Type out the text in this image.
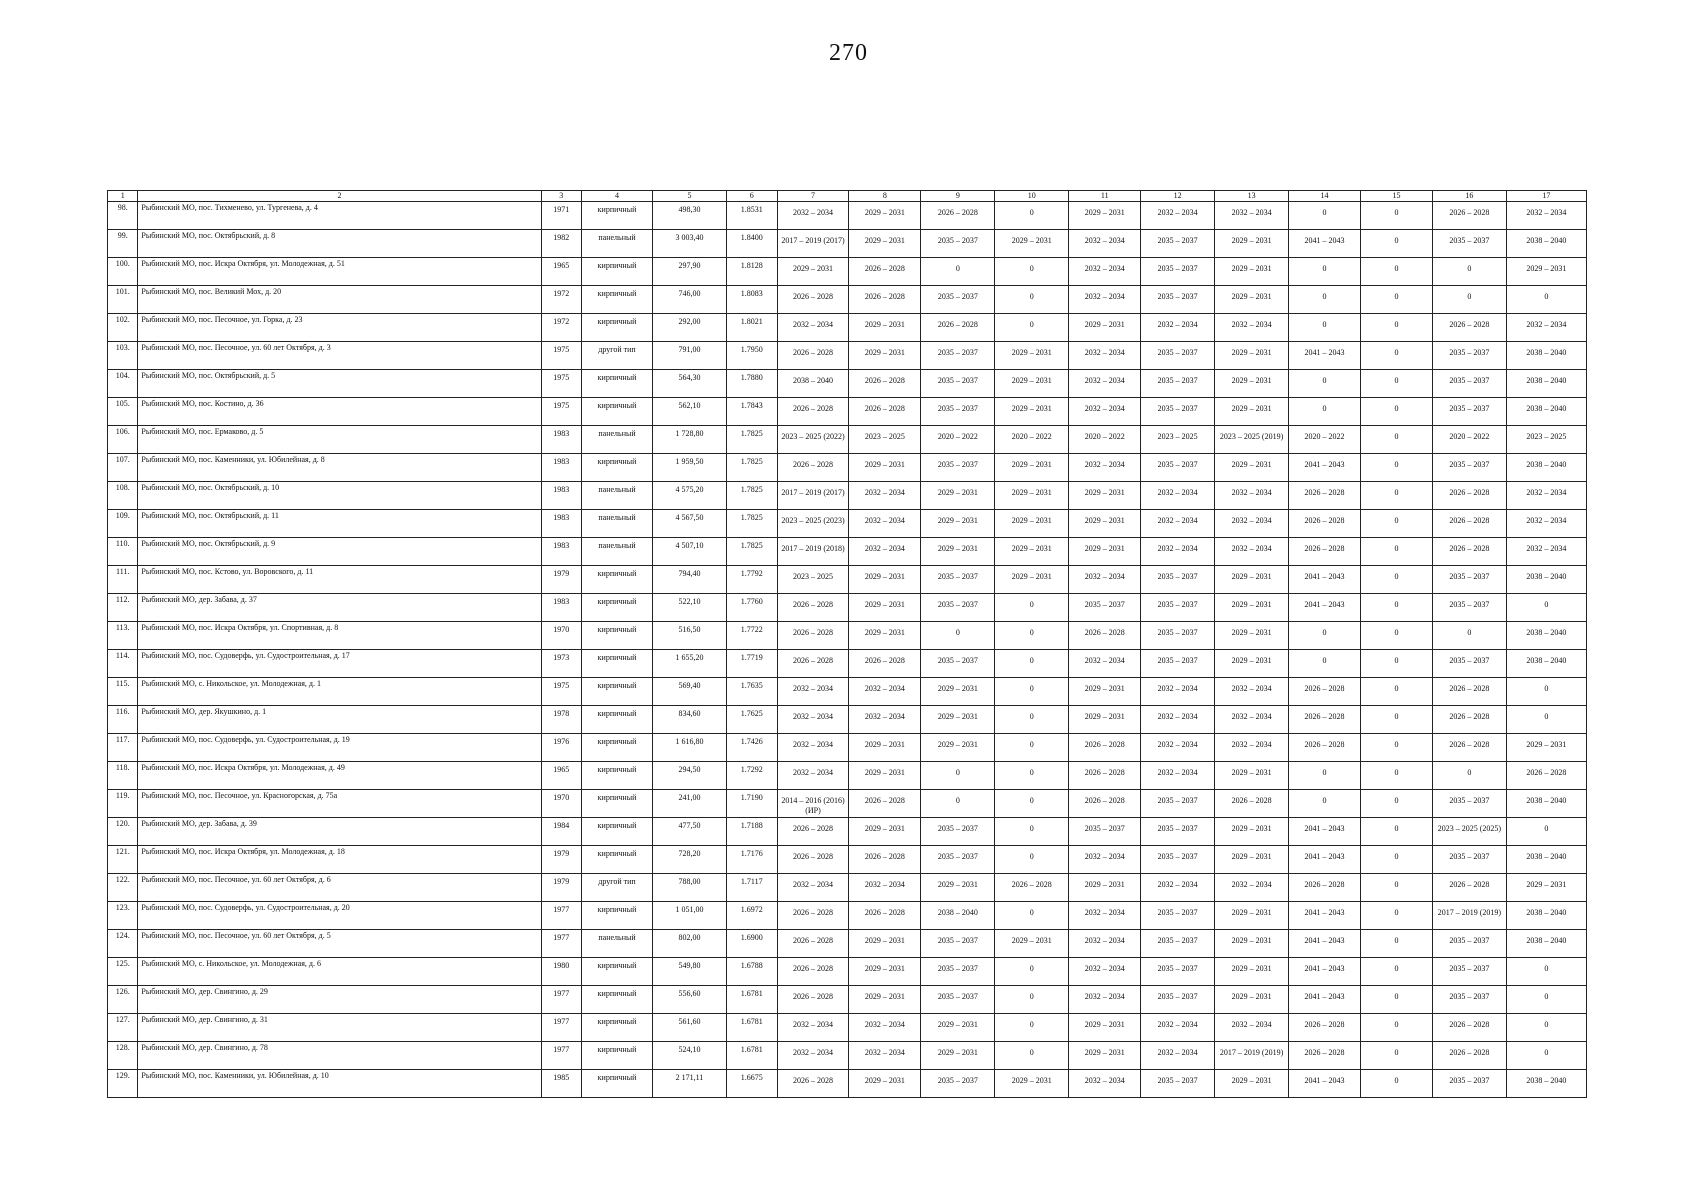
270
1	2	3	4	5	6	7	8	9	10	11	12	13	14	15	16	17
98.	Рыбинский МО, пос. Тихменево, ул. Тургенева, д. 4	1971	кирпичный	498,30	1.8531	2032 – 2034	2029 – 2031	2026 – 2028	0	2029 – 2031	2032 – 2034	2032 – 2034	0	0	2026 – 2028	2032 – 2034
99.	Рыбинский МО, пос. Октябрьский, д. 8	1982	панельный	3 003,40	1.8400	2017 – 2019 (2017)	2029 – 2031	2035 – 2037	2029 – 2031	2032 – 2034	2035 – 2037	2029 – 2031	2041 – 2043	0	2035 – 2037	2038 – 2040
100.	Рыбинский МО, пос. Искра Октября, ул. Молодежная, д. 51	1965	кирпичный	297,90	1.8128	2029 – 2031	2026 – 2028	0	0	2032 – 2034	2035 – 2037	2029 – 2031	0	0	0	2029 – 2031
101.	Рыбинский МО, пос. Великий Мох, д. 20	1972	кирпичный	746,00	1.8083	2026 – 2028	2026 – 2028	2035 – 2037	0	2032 – 2034	2035 – 2037	2029 – 2031	0	0	0	0
102.	Рыбинский МО, пос. Песочное, ул. Горка, д. 23	1972	кирпичный	292,00	1.8021	2032 – 2034	2029 – 2031	2026 – 2028	0	2029 – 2031	2032 – 2034	2032 – 2034	0	0	2026 – 2028	2032 – 2034
103.	Рыбинский МО, пос. Песочное, ул. 60 лет Октября, д. 3	1975	другой тип	791,00	1.7950	2026 – 2028	2029 – 2031	2035 – 2037	2029 – 2031	2032 – 2034	2035 – 2037	2029 – 2031	2041 – 2043	0	2035 – 2037	2038 – 2040
104.	Рыбинский МО, пос. Октябрьский, д. 5	1975	кирпичный	564,30	1.7880	2038 – 2040	2026 – 2028	2035 – 2037	2029 – 2031	2032 – 2034	2035 – 2037	2029 – 2031	0	0	2035 – 2037	2038 – 2040
105.	Рыбинский МО, пос. Костино, д. 36	1975	кирпичный	562,10	1.7843	2026 – 2028	2026 – 2028	2035 – 2037	2029 – 2031	2032 – 2034	2035 – 2037	2029 – 2031	0	0	2035 – 2037	2038 – 2040
106.	Рыбинский МО, пос. Ермаково, д. 5	1983	панельный	1 728,80	1.7825	2023 – 2025 (2022)	2023 – 2025	2020 – 2022	2020 – 2022	2020 – 2022	2023 – 2025	2023 – 2025 (2019)	2020 – 2022	0	2020 – 2022	2023 – 2025
107.	Рыбинский МО, пос. Каменники, ул. Юбилейная, д. 8	1983	кирпичный	1 959,50	1.7825	2026 – 2028	2029 – 2031	2035 – 2037	2029 – 2031	2032 – 2034	2035 – 2037	2029 – 2031	2041 – 2043	0	2035 – 2037	2038 – 2040
108.	Рыбинский МО, пос. Октябрьский, д. 10	1983	панельный	4 575,20	1.7825	2017 – 2019 (2017)	2032 – 2034	2029 – 2031	2029 – 2031	2029 – 2031	2032 – 2034	2032 – 2034	2026 – 2028	0	2026 – 2028	2032 – 2034
109.	Рыбинский МО, пос. Октябрьский, д. 11	1983	панельный	4 567,50	1.7825	2023 – 2025 (2023)	2032 – 2034	2029 – 2031	2029 – 2031	2029 – 2031	2032 – 2034	2032 – 2034	2026 – 2028	0	2026 – 2028	2032 – 2034
110.	Рыбинский МО, пос. Октябрьский, д. 9	1983	панельный	4 507,10	1.7825	2017 – 2019 (2018)	2032 – 2034	2029 – 2031	2029 – 2031	2029 – 2031	2032 – 2034	2032 – 2034	2026 – 2028	0	2026 – 2028	2032 – 2034
111.	Рыбинский МО, пос. Кстово, ул. Воровского, д. 11	1979	кирпичный	794,40	1.7792	2023 – 2025	2029 – 2031	2035 – 2037	2029 – 2031	2032 – 2034	2035 – 2037	2029 – 2031	2041 – 2043	0	2035 – 2037	2038 – 2040
112.	Рыбинский МО, дер. Забава, д. 37	1983	кирпичный	522,10	1.7760	2026 – 2028	2029 – 2031	2035 – 2037	0	2035 – 2037	2035 – 2037	2029 – 2031	2041 – 2043	0	2035 – 2037	0
113.	Рыбинский МО, пос. Искра Октября, ул. Спортивная, д. 8	1970	кирпичный	516,50	1.7722	2026 – 2028	2029 – 2031	0	0	2026 – 2028	2035 – 2037	2029 – 2031	0	0	0	2038 – 2040
114.	Рыбинский МО, пос. Судоверфь, ул. Судостроительная, д. 17	1973	кирпичный	1 655,20	1.7719	2026 – 2028	2026 – 2028	2035 – 2037	0	2032 – 2034	2035 – 2037	2029 – 2031	0	0	2035 – 2037	2038 – 2040
115.	Рыбинский МО, с. Никольское, ул. Молодежная, д. 1	1975	кирпичный	569,40	1.7635	2032 – 2034	2032 – 2034	2029 – 2031	0	2029 – 2031	2032 – 2034	2032 – 2034	2026 – 2028	0	2026 – 2028	0
116.	Рыбинский МО, дер. Якушкино, д. 1	1978	кирпичный	834,60	1.7625	2032 – 2034	2032 – 2034	2029 – 2031	0	2029 – 2031	2032 – 2034	2032 – 2034	2026 – 2028	0	2026 – 2028	0
117.	Рыбинский МО, пос. Судоверфь, ул. Судостроительная, д. 19	1976	кирпичный	1 616,80	1.7426	2032 – 2034	2029 – 2031	2029 – 2031	0	2026 – 2028	2032 – 2034	2032 – 2034	2026 – 2028	0	2026 – 2028	2029 – 2031
118.	Рыбинский МО, пос. Искра Октября, ул. Молодежная, д. 49	1965	кирпичный	294,50	1.7292	2032 – 2034	2029 – 2031	0	0	2026 – 2028	2032 – 2034	2029 – 2031	0	0	0	2026 – 2028
119.	Рыбинский МО, пос. Песочное, ул. Красногорская, д. 75а	1970	кирпичный	241,00	1.7190	2014 – 2016 (2016) (ИР)	2026 – 2028	0	0	2026 – 2028	2035 – 2037	2026 – 2028	0	0	2035 – 2037	2038 – 2040
120.	Рыбинский МО, дер. Забава, д. 39	1984	кирпичный	477,50	1.7188	2026 – 2028	2029 – 2031	2035 – 2037	0	2035 – 2037	2035 – 2037	2029 – 2031	2041 – 2043	0	2023 – 2025 (2025)	0
121.	Рыбинский МО, пос. Искра Октября, ул. Молодежная, д. 18	1979	кирпичный	728,20	1.7176	2026 – 2028	2026 – 2028	2035 – 2037	0	2032 – 2034	2035 – 2037	2029 – 2031	2041 – 2043	0	2035 – 2037	2038 – 2040
122.	Рыбинский МО, пос. Песочное, ул. 60 лет Октября, д. 6	1979	другой тип	788,00	1.7117	2032 – 2034	2032 – 2034	2029 – 2031	2026 – 2028	2029 – 2031	2032 – 2034	2032 – 2034	2026 – 2028	0	2026 – 2028	2029 – 2031
123.	Рыбинский МО, пос. Судоверфь, ул. Судостроительная, д. 20	1977	кирпичный	1 051,00	1.6972	2026 – 2028	2026 – 2028	2038 – 2040	0	2032 – 2034	2035 – 2037	2029 – 2031	2041 – 2043	0	2017 – 2019 (2019)	2038 – 2040
124.	Рыбинский МО, пос. Песочное, ул. 60 лет Октября, д. 5	1977	панельный	802,00	1.6900	2026 – 2028	2029 – 2031	2035 – 2037	2029 – 2031	2032 – 2034	2035 – 2037	2029 – 2031	2041 – 2043	0	2035 – 2037	2038 – 2040
125.	Рыбинский МО, с. Никольское, ул. Молодежная, д. 6	1980	кирпичный	549,80	1.6788	2026 – 2028	2029 – 2031	2035 – 2037	0	2032 – 2034	2035 – 2037	2029 – 2031	2041 – 2043	0	2035 – 2037	0
126.	Рыбинский МО, дер. Свингино, д. 29	1977	кирпичный	556,60	1.6781	2026 – 2028	2029 – 2031	2035 – 2037	0	2032 – 2034	2035 – 2037	2029 – 2031	2041 – 2043	0	2035 – 2037	0
127.	Рыбинский МО, дер. Свингино, д. 31	1977	кирпичный	561,60	1.6781	2032 – 2034	2032 – 2034	2029 – 2031	0	2029 – 2031	2032 – 2034	2032 – 2034	2026 – 2028	0	2026 – 2028	0
128.	Рыбинский МО, дер. Свингино, д. 78	1977	кирпичный	524,10	1.6781	2032 – 2034	2032 – 2034	2029 – 2031	0	2029 – 2031	2032 – 2034	2017 – 2019 (2019)	2026 – 2028	0	2026 – 2028	0
129.	Рыбинский МО, пос. Каменники, ул. Юбилейная, д. 10	1985	кирпичный	2 171,11	1.6675	2026 – 2028	2029 – 2031	2035 – 2037	2029 – 2031	2032 – 2034	2035 – 2037	2029 – 2031	2041 – 2043	0	2035 – 2037	2038 – 2040
